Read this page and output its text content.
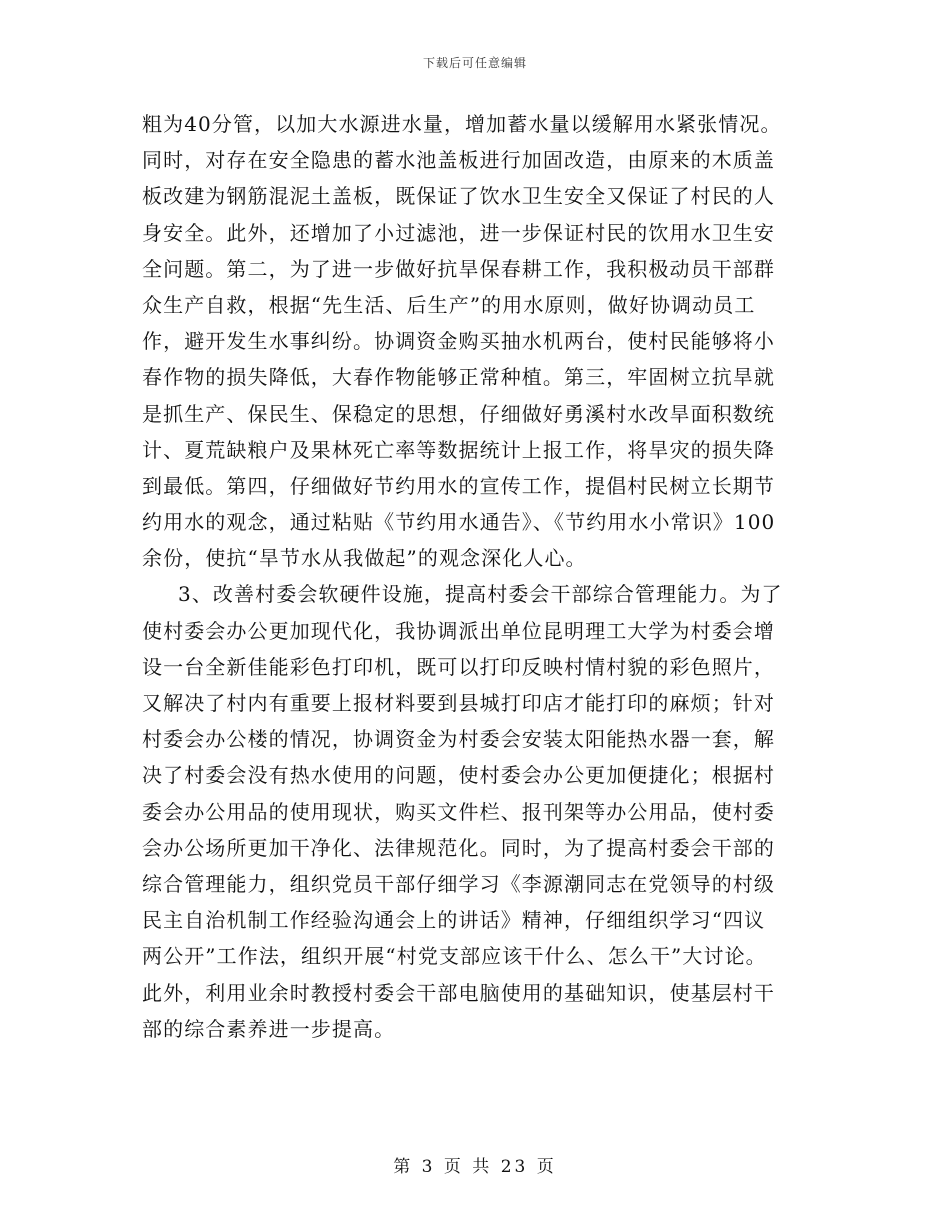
下载后可任意编辑
粗为40分管，以加大水源进水量，增加蓄水量以缓解用水紧张情况。
同时，对存在安全隐患的蓄水池盖板进行加固改造，由原来的木质盖
板改建为钢筋混泥土盖板，既保证了饮水卫生安全又保证了村民的人
身安全。此外，还增加了小过滤池，进一步保证村民的饮用水卫生安
全问题。第二，为了进一步做好抗旱保春耕工作，我积极动员干部群
众生产自救，根据“先生活、后生产”的用水原则，做好协调动员工
作，避开发生水事纠纷。协调资金购买抽水机两台，使村民能够将小
春作物的损失降低，大春作物能够正常种植。第三，牢固树立抗旱就
是抓生产、保民生、保稳定的思想，仔细做好勇溪村水改旱面积数统
计、夏荒缺粮户及果林死亡率等数据统计上报工作，将旱灾的损失降
到最低。第四，仔细做好节约用水的宣传工作，提倡村民树立长期节
约用水的观念，通过粘贴《节约用水通告》、《节约用水小常识》100
余份，使抗“旱节水从我做起”的观念深化人心。
3、改善村委会软硬件设施，提高村委会干部综合管理能力。为了
使村委会办公更加现代化，我协调派出单位昆明理工大学为村委会增
设一台全新佳能彩色打印机，既可以打印反映村情村貌的彩色照片，
又解决了村内有重要上报材料要到县城打印店才能打印的麻烦；针对
村委会办公楼的情况，协调资金为村委会安装太阳能热水器一套，解
决了村委会没有热水使用的问题，使村委会办公更加便捷化；根据村
委会办公用品的使用现状，购买文件栏、报刊架等办公用品，使村委
会办公场所更加干净化、法律规范化。同时，为了提高村委会干部的
综合管理能力，组织党员干部仔细学习《李源潮同志在党领导的村级
民主自治机制工作经验沟通会上的讲话》精神，仔细组织学习“四议
两公开”工作法，组织开展“村党支部应该干什么、怎么干”大讨论。
此外，利用业余时教授村委会干部电脑使用的基础知识，使基层村干
部的综合素养进一步提高。
第 3 页 共 23 页
